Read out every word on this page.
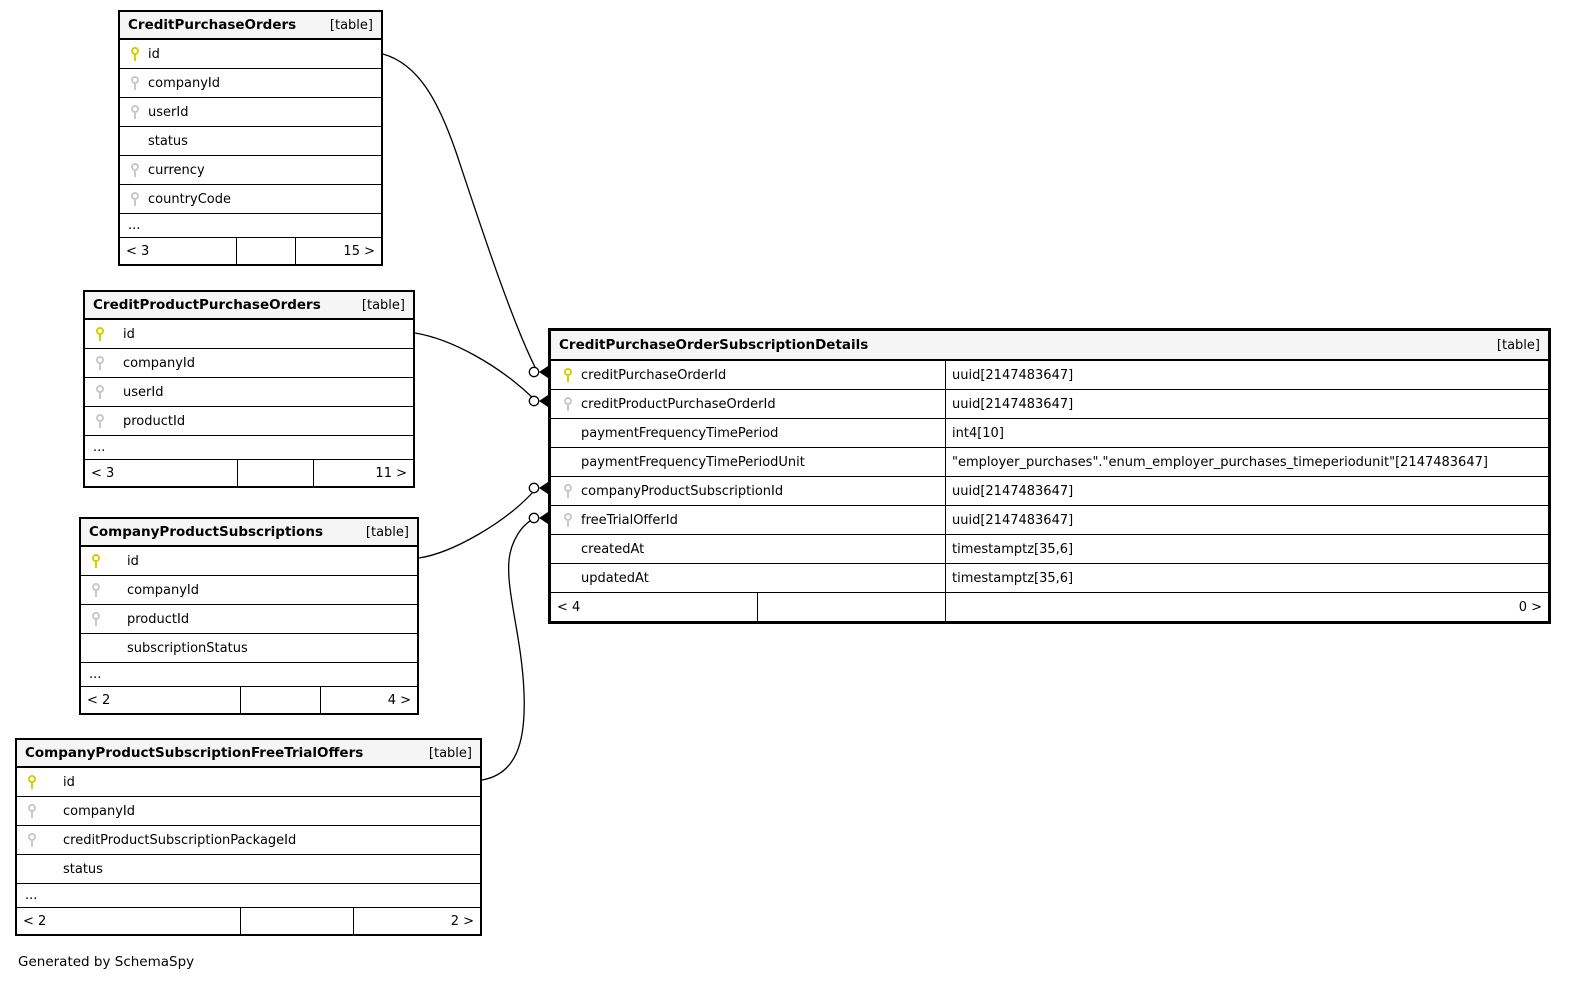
CreditPurchaseOrders	[table]
id
companyId
userId
status
currency
countryCode
...
< 3	15 >
CreditProductPurchaseOrders	[table]
id
companyId
userId
productId
...
< 3	11 >
CompanyProductSubscriptions	[table]
id
companyId
productId
subscriptionStatus
...
< 2	4 >
CompanyProductSubscriptionFreeTrialOffers	[table]
id
companyId
creditProductSubscriptionPackageId
status
...
< 2	2 >
CreditPurchaseOrderSubscriptionDetails	[table]
creditPurchaseOrderId	uuid[2147483647]
creditProductPurchaseOrderId	uuid[2147483647]
paymentFrequencyTimePeriod	int4[10]
paymentFrequencyTimePeriodUnit	"employer_purchases"."enum_employer_purchases_timeperiodunit"[2147483647]
companyProductSubscriptionId	uuid[2147483647]
freeTrialOfferId	uuid[2147483647]
createdAt	timestamptz[35,6]
updatedAt	timestamptz[35,6]
< 4	0 >
Generated by SchemaSpy
